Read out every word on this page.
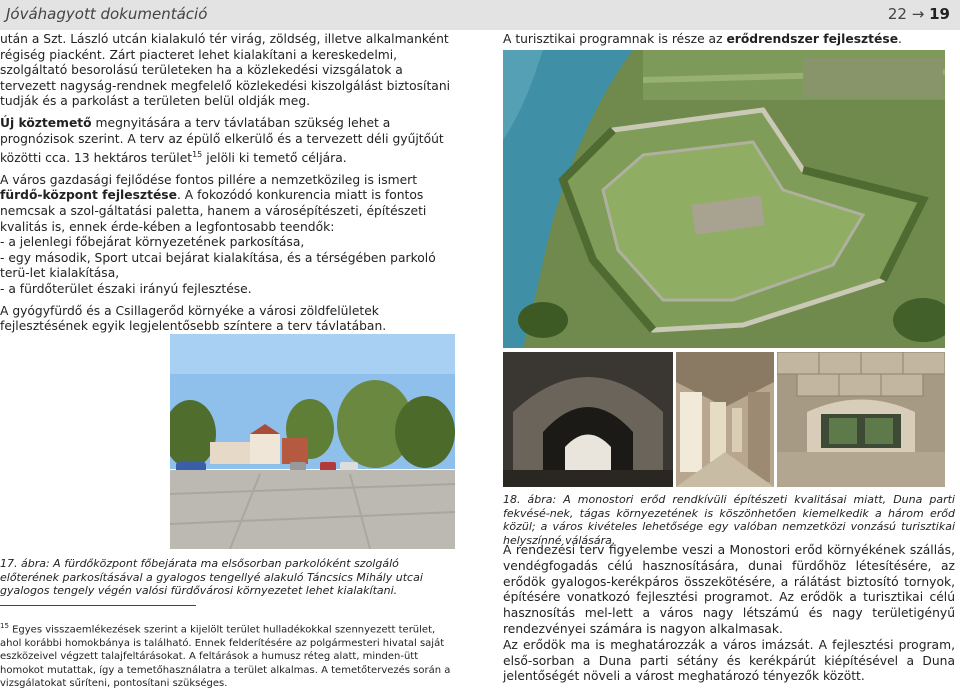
Jóváhagyott dokumentáció	22 → 19

után a Szt. László utcán kialakuló tér virág, zöldség, illetve alkalmanként régiség piacként. Zárt piacteret lehet kialakítani a kereskedelmi, szolgáltató besorolású területeken ha a közlekedési vizsgálatok a tervezett nagyság-rendnek megfelelő közlekedési kiszolgálást biztosítani tudják és a parkolást a területen belül oldják meg.

Új köztemető megnyitására a terv távlatában szükség lehet a prognózisok szerint. A terv az épülő elkerülő és a tervezett déli gyűjtőút közötti cca. 13 hektáros terület$^{15}$ jelöli ki temető céljára.

A város gazdasági fejlődése fontos pillére a nemzetközileg is ismert fürdő-központ fejlesztése. A fokozódó konkurencia miatt is fontos nemcsak a szol-gáltatási paletta, hanem a városépítészeti, építészeti kvalitás is, ennek érde-kében a legfontosabb teendők:

- a jelenlegi főbejárat környezetének parkosítása,
- egy második, Sport utcai bejárat kialakítása, és a térségében parkoló terü-let kialakítása,
- a fürdőterület északi irányú fejlesztése.

A gyógyfürdő és a Csillagerőd környéke a városi zöldfelületek fejlesztésének egyik legjelentősebb színtere a terv távlatában.

17. ábra: A fürdőközpont főbejárata ma elsősorban parkolóként szolgáló előterének parkosításával a gyalogos tengellyé alakuló Táncsics Mihály utcai gyalogos tengely végén valósi fürdővárosi környezetet lehet kialakítani.
$^{15}$ Egyes visszaemlékezések szerint a kijelölt terület hulladékokkal szennyezett terület, ahol korábbi homokbánya is található. Ennek felderítésére az polgármesteri hivatal saját eszközeivel végzett talajfeltárásokat. A feltárások a humusz réteg alatt, minden-ütt homokot mutattak, így a temetőhasználatra a terület alkalmas. A temetőtervezés során a vizsgálatokat sűríteni, pontosítani szükséges.
A turisztikai programnak is része az erődrendszer fejlesztése.
18. ábra: A monostori erőd rendkívüli építészeti kvalitásai miatt, Duna parti fekvésé-nek, tágas környezetének is köszönhetően kiemelkedik a három erőd közül; a város kivételes lehetősége egy valóban nemzetközi vonzású turisztikai helyszínné válására.

A rendezési terv figyelembe veszi a Monostori erőd környékének szállás, vendégfogadás célú hasznosítására, dunai fürdőhöz létesítésére, az erődök gyalogos-kerékpáros összekötésére, a rálátást biztosító tornyok, építésére vonatkozó fejlesztési programot. Az erődök a turisztikai célú hasznosítás mel-lett a város nagy létszámú és nagy területigényű rendezvényei számára is nagyon alkalmasak.

Az erődök ma is meghatározzák a város imázsát. A fejlesztési program, első-sorban a Duna parti sétány és kerékpárút kiépítésével a Duna jelentőségét növeli a várost meghatározó tényezők között.
